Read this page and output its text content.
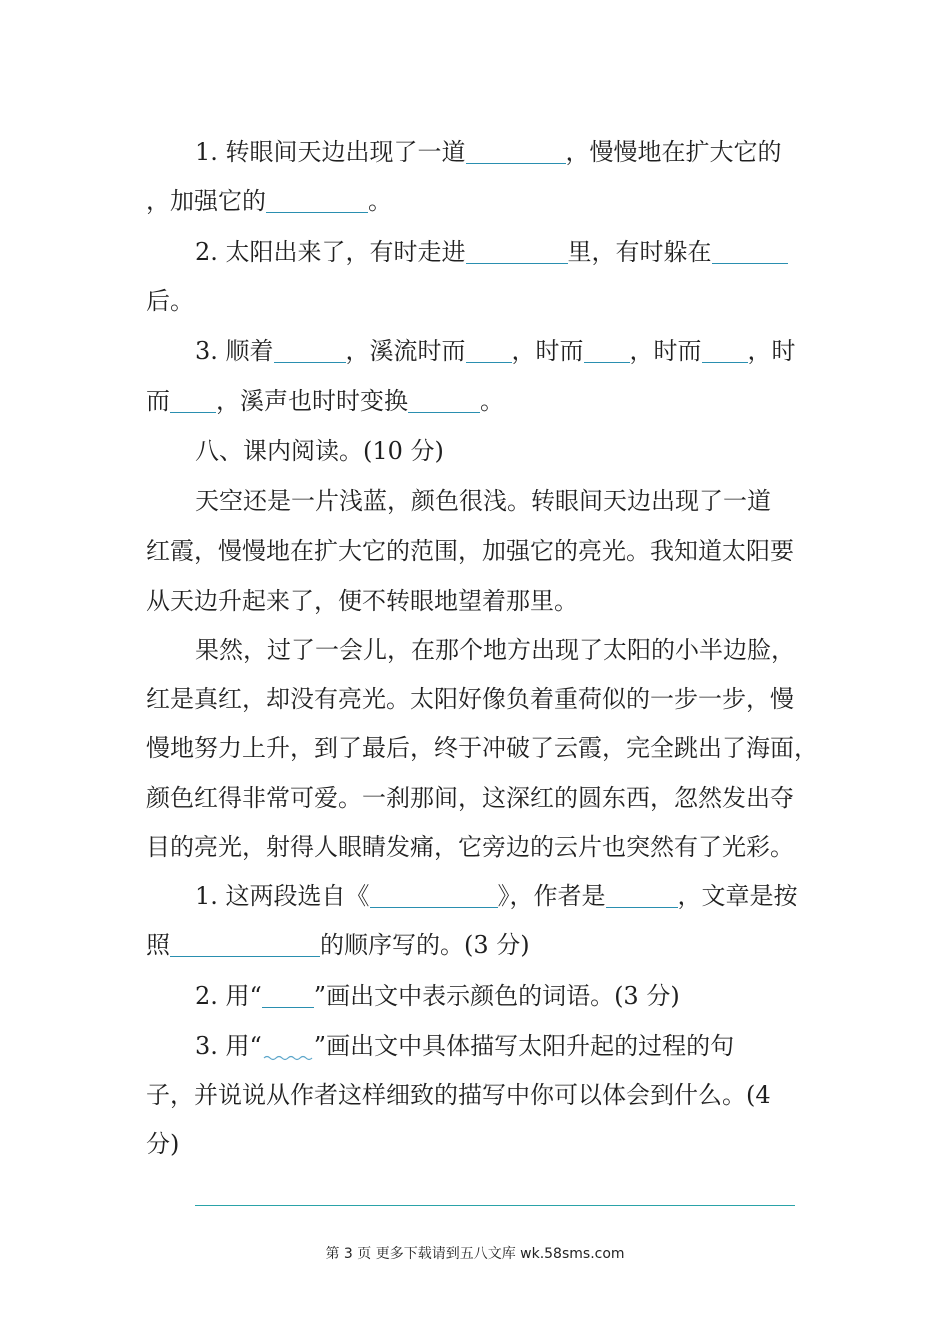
1. 转眼间天边出现了一道	，慢慢地在扩大它的
，加强它的	。
2. 太阳出来了，有时走进	里，有时躲在
后。
3. 顺着	，溪流时而 ，时而 ，时而 ，时
而 ，溪声也时时变换	。
八、课内阅读。(10 分)
天空还是一片浅蓝，颜色很浅。转眼间天边出现了一道
红霞，慢慢地在扩大它的范围，加强它的亮光。我知道太阳要
从天边升起来了，便不转眼地望着那里。
果然，过了一会儿，在那个地方出现了太阳的小半边脸，
红是真红，却没有亮光。太阳好像负着重荷似的一步一步，慢
慢地努力上升，到了最后，终于冲破了云霞，完全跳出了海面，
颜色红得非常可爱。一刹那间，这深红的圆东西，忽然发出夺
目的亮光，射得人眼睛发痛，它旁边的云片也突然有了光彩。
1. 这两段选自《	》，作者是	，文章是按
照	的顺序写的。(3 分)
2. 用“ ”画出文中表示颜色的词语。(3 分)
3. 用“ ”画出文中具体描写太阳升起的过程的句
子，并说说从作者这样细致的描写中你可以体会到什么。(4
分)
第 3 页 更多下载请到五八文库 wk.58sms.com
